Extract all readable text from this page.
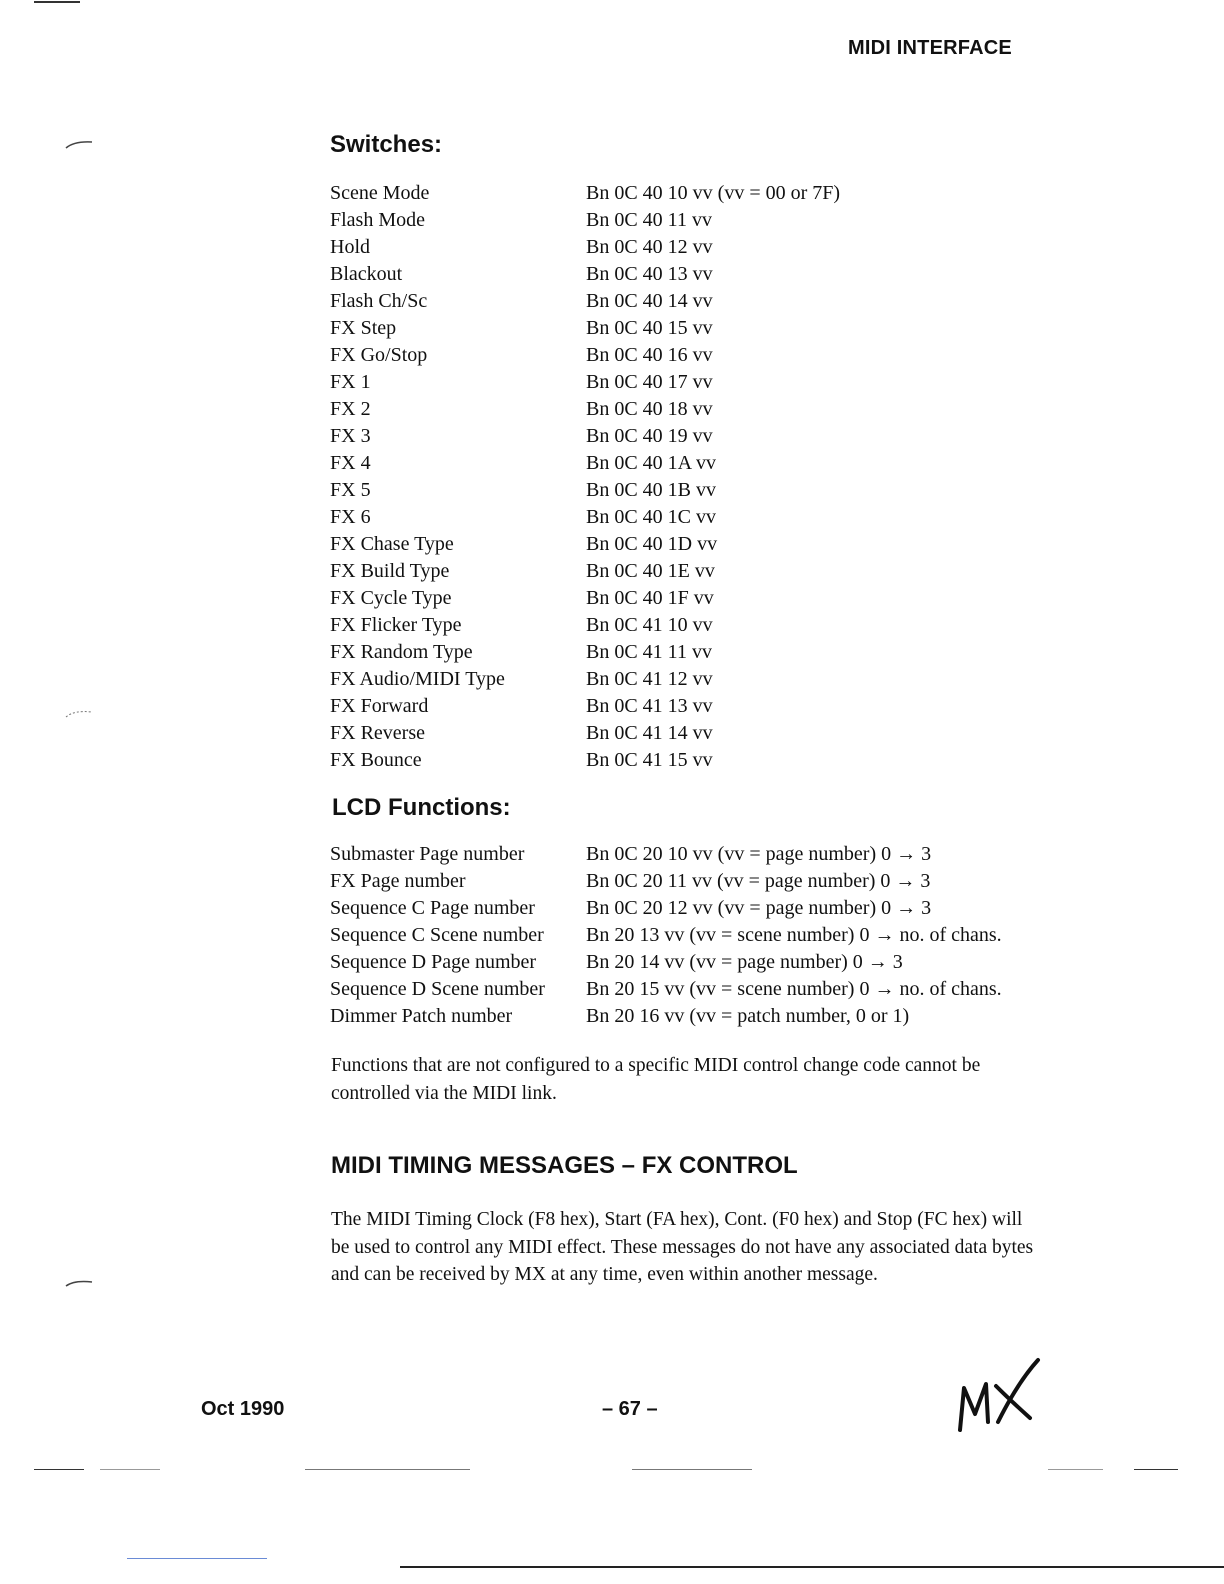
MIDI INTERFACE
Switches:
Scene Mode	Bn 0C 40 10 vv (vv = 00 or 7F)
Flash Mode	Bn 0C 40 11 vv
Hold	Bn 0C 40 12 vv
Blackout	Bn 0C 40 13 vv
Flash Ch/Sc	Bn 0C 40 14 vv
FX Step	Bn 0C 40 15 vv
FX Go/Stop	Bn 0C 40 16 vv
FX 1	Bn 0C 40 17 vv
FX 2	Bn 0C 40 18 vv
FX 3	Bn 0C 40 19 vv
FX 4	Bn 0C 40 1A vv
FX 5	Bn 0C 40 1B vv
FX 6	Bn 0C 40 1C vv
FX Chase Type	Bn 0C 40 1D vv
FX Build Type	Bn 0C 40 1E vv
FX Cycle Type	Bn 0C 40 1F vv
FX Flicker Type	Bn 0C 41 10 vv
FX Random Type	Bn 0C 41 11 vv
FX Audio/MIDI Type	Bn 0C 41 12 vv
FX Forward	Bn 0C 41 13 vv
FX Reverse	Bn 0C 41 14 vv
FX Bounce	Bn 0C 41 15 vv
LCD Functions:
Submaster Page number	Bn 0C 20 10 vv (vv = page number) 0 → 3
FX Page number	Bn 0C 20 11 vv (vv = page number) 0 → 3
Sequence C Page number	Bn 0C 20 12 vv (vv = page number) 0 → 3
Sequence C Scene number Bn 20 13 vv (vv = scene number) 0 → no. of chans.
Sequence D Page number Bn 20 14 vv (vv = page number) 0 → 3
Sequence D Scene number Bn 20 15 vv (vv = scene number) 0 → no. of chans.
Dimmer Patch number	Bn 20 16 vv (vv = patch number, 0 or 1)
Functions that are not configured to a specific MIDI control change code cannot be controlled via the MIDI link.
MIDI TIMING MESSAGES – FX CONTROL
The MIDI Timing Clock (F8 hex), Start (FA hex), Cont. (F0 hex) and Stop (FC hex) will be used to control any MIDI effect. These messages do not have any associated data bytes and can be received by MX at any time, even within another message.
Oct 1990	– 67 –
